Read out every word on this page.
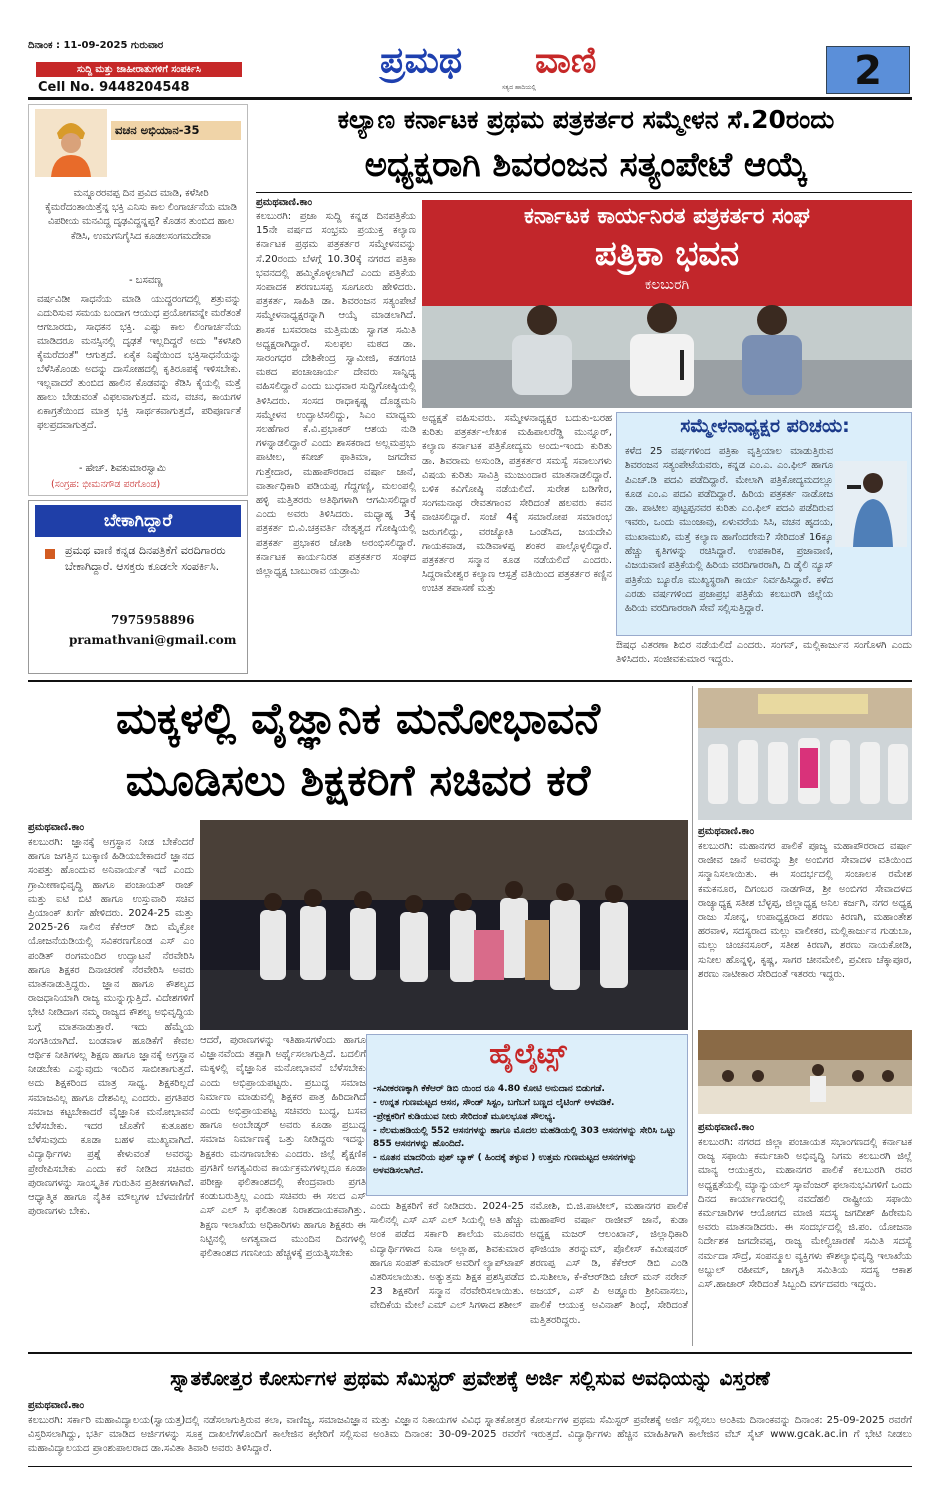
ದಿನಾಂಕ : 11-09-2025 ಗುರುವಾರ
ಸುದ್ದಿ ಮತ್ತು ಜಾಹೀರಾತುಗಳಿಗೆ ಸಂಪರ್ಕಿಸಿ
Cell No. 9448204548
ಪ್ರಮಥ ವಾಣಿ
ಸತ್ಯದ ಹಾದಿಯಲ್ಲಿ	2
ವಚನ ಅಭಿಯಾನ-35
ಮನ್ನೂರರವಪ್ಪ ದಿನ ಪ್ರವಿದ ಮಾಡಿ, ಕಳೆಸೀರಿ ಕೈಮರೆದಂತಾಯಿತ್ತೆನ್ನ ಭಕ್ತಿ ಎನಿಸು ಕಾಲ ಲಿಂಗಾರ್ಚನೆಯ ಮಾಡಿ ವಿಪರೀಯ ಮನವಿದ್ದ ದೃಢವಿದ್ದನ್ನಪ್ಪ? ಕೊಡನ ತುಂಬಿದ ಹಾಲ ಕೆಡಿಸಿ, ಉಮಗನಿಗೈಸಿದ ಕೂಡಲಸಂಗಮದೇವಾ
- ಬಸವಣ್ಣ
ವರ್ಷವಿಡೀ ಸಾಧನೆಯ ಮಾಡಿ ಯುದ್ಧರಂಗದಲ್ಲಿ ಶತ್ರುವನ್ನು ಎದುರಿಸುವ ಸಮಯ ಬಂದಾಗ ಆಯುಧ ಪ್ರಯೋಗವನ್ನೇ ಮರೆತಂತೆ ಆಗಬಾರದು, ಸಾಧಕನ ಭಕ್ತಿ. ಎಷ್ಟು ಕಾಲ ಲಿಂಗಾರ್ಚನೆಯ ಮಾಡಿದರೂ ಮನಸ್ಸಿನಲ್ಲಿ ದೃಢತೆ ಇಲ್ಲದಿದ್ದರೆ ಅದು "ಕಳಸೀರಿ ಕೈಮರೆದಂತೆ" ಆಗುತ್ತದೆ. ಏಕೈಕ ನಿಷ್ಠೆಯಿಂದ ಭಕ್ತಿಸಾಧನೆಯನ್ನು ಬೆಳೆಸಿಕೊಂಡು ಅದನ್ನು ದಾಸೋಹದಲ್ಲಿ ಕೃತಿರೂಪಕ್ಕೆ ಇಳಿಸಬೇಕು. ಇಲ್ಲವಾದರೆ ತುಂಬಿದ ಹಾಲಿನ ಕೊಡವನ್ನು ಕೆಡಿಸಿ ಕೈಯಲ್ಲಿ ಮತ್ತೆ ಹಾಲು ಬೇಡುವಂತೆ ವಿಫಲವಾಗುತ್ತದೆ. ಮನ, ವಚನ, ಕಾಯಗಳ ಏಕಾಗ್ರತೆಯಿಂದ ಮಾತ್ರ ಭಕ್ತಿ ಸಾರ್ಥಕವಾಗುತ್ತದೆ, ಪರಿಪೂರ್ಣತೆ ಫಲಪ್ರದವಾಗುತ್ತದೆ.
- ಹೇಚ್. ಶಿವಕುಮಾರಸ್ವಾಮಿ
(ಸಂಗ್ರಹ: ಭೀಮನಗೌಡ ಪರಗೊಂಡ)
ಬೇಕಾಗಿದ್ದಾರೆ
ಪ್ರಮಥ ವಾಣಿ ಕನ್ನಡ ದಿನಪತ್ರಿಕೆಗೆ ವರದಿಗಾರರು ಬೇಕಾಗಿದ್ದಾರೆ. ಆಸಕ್ತರು ಕೂಡಲೇ ಸಂಪರ್ಕಿಸಿ.
7975958896
pramathvani@gmail.com
ಕಲ್ಯಾಣ ಕರ್ನಾಟಕ ಪ್ರಥಮ ಪತ್ರಕರ್ತರ ಸಮ್ಮೇಳನ ಸೆ.20ರಂದು
ಅಧ್ಯಕ್ಷರಾಗಿ ಶಿವರಂಜನ ಸತ್ಯಂಪೇಟೆ ಆಯ್ಕೆ
ಪ್ರಮಥವಾಣಿ.ಕಾಂ
ಕಲಬುರಗಿ: ಪ್ರಜಾ ಸುದ್ದಿ ಕನ್ನಡ ದಿನಪತ್ರಿಕೆಯ 15ನೇ ವರ್ಷದ ಸಂಭ್ರಮ ಪ್ರಯುಕ್ತ ಕಲ್ಯಾಣ ಕರ್ನಾಟಕ ಪ್ರಥಮ ಪತ್ರಕರ್ತರ ಸಮ್ಮೇಳನವನ್ನು ಸೆ.20ರಂದು ಬೆಳಗ್ಗೆ 10.30ಕ್ಕೆ ನಗರದ ಪತ್ರಿಕಾ ಭವನದಲ್ಲಿ ಹಮ್ಮಿಕೊಳ್ಳಲಾಗಿದೆ ಎಂದು ಪತ್ರಿಕೆಯ ಸಂಪಾದಕ ಶರಣಬಸಪ್ಪ ಸೂಗೂರು ಹೇಳಿದರು. ಪತ್ರಕರ್ತ, ಸಾಹಿತಿ ಡಾ. ಶಿವರಂಜನ ಸತ್ಯಂಪೇಟೆ ಸಮ್ಮೇಳನಾಧ್ಯಕ್ಷರನ್ನಾಗಿ ಆಯ್ಕೆ ಮಾಡಲಾಗಿದೆ. ಶಾಸಕ ಬಸವರಾಜ ಮತ್ತಿಮಡು ಸ್ವಾಗತ ಸಮಿತಿ ಅಧ್ಯಕ್ಷರಾಗಿದ್ದಾರೆ. ಸುಲಫಲ ಮಠದ ಡಾ. ಸಾರಂಗಧರ ದೇಶಿಕೇಂದ್ರ ಸ್ವಾಮೀಜಿ, ಕಡಗಂಚಿ ಮಠದ ಪಂಚಾಚಾರ್ಯ ದೇವರು ಸಾನ್ನಿಧ್ಯ ವಹಿಸಲಿದ್ದಾರೆ ಎಂದು ಬುಧವಾರ ಸುದ್ದಿಗೋಷ್ಠಿಯಲ್ಲಿ ತಿಳಿಸಿದರು. ಸಂಸದ ರಾಧಾಕೃಷ್ಣ ದೊಡ್ಡಮನಿ ಸಮ್ಮೇಳನ ಉದ್ಘಾಟಿಸಲಿದ್ದು, ಸಿಎಂ ಮಾಧ್ಯಮ ಸಲಹೆಗಾರ ಕೆ.ವಿ.ಪ್ರಭಾಕರ್ ಆಶಯ ನುಡಿ ಗಳನ್ನಾಡಲಿದ್ದಾರೆ ಎಂದು ಶಾಸಕರಾದ ಅಲ್ಲಮಪ್ರಭು ಪಾಟೀಲ, ಕನೀಜ್ ಫಾತಿಮಾ, ಜಗದೇವ ಗುತ್ತೇದಾರ, ಮಹಾಪೌರರಾದ ವರ್ಷಾ ಜಾನೆ, ವಾರ್ತಾಧಿಕಾರಿ ಪಡಿಯಪ್ಪ ಗೆದ್ದಗಣ್ಣಿ, ಮಲಂಪಲ್ಲಿ ಹಳ್ಳಿ ಮತ್ತಿತರರು ಅತಿಥಿಗಳಾಗಿ ಆಗಮಿಸಲಿದ್ದಾರೆ ಎಂದು ಅವರು ತಿಳಿಸಿದರು. ಮಧ್ಯಾಹ್ನ 3ಕ್ಕೆ ಪತ್ರಕರ್ತ ಬಿ.ವಿ.ಚಕ್ರವರ್ತಿ ನೇತೃತ್ವದ ಗೋಷ್ಠಿಯಲ್ಲಿ ಪತ್ರಕರ್ತ ಪ್ರಭಾಕರ ಜೋಶಿ ಅರಂಭಿಸಲಿದ್ದಾರೆ. ಕರ್ನಾಟಕ ಕಾರ್ಯನಿರತ ಪತ್ರಕರ್ತರ ಸಂಘದ ಜಿಲ್ಲಾಧ್ಯಕ್ಷ ಬಾಬುರಾವ ಯಡ್ರಾಮಿ
ಕರ್ನಾಟಕ ಕಾರ್ಯನಿರತ ಪತ್ರಕರ್ತರ ಸಂಘ
ಪತ್ರಿಕಾ ಭವನ
ಕಲಬುರಗಿ
ಅಧ್ಯಕ್ಷತೆ ವಹಿಸುವರು. ಸಮ್ಮೇಳನಾಧ್ಯಕ್ಷರ ಬದುಕು-ಬರಹ ಕುರಿತು ಪತ್ರಕರ್ತ-ಲೇಖಕ ಮಹಿಪಾಲರೆಡ್ಡಿ ಮುನ್ನೂರ್, ಕಲ್ಯಾಣ ಕರ್ನಾಟಕ ಪತ್ರಿಕೋದ್ಯಮ ಅಂದು-ಇಂದು ಕುರಿತು ಡಾ. ಶಿವರಾಮ ಅಸುಂಡಿ, ಪತ್ರಕರ್ತರ ಸಮಸ್ಯೆ ಸವಾಲುಗಳು ವಿಷಯ ಕುರಿತು ಸಾವಿತ್ರಿ ಮುಜುಂದಾರ ಮಾತನಾಡಲಿದ್ದಾರೆ. ಬಳಿಕ ಕವಿಗೋಷ್ಠಿ ನಡೆಯಲಿದೆ. ಸುರೇಶ ಬಡಿಗೇರ, ಸಂಗಮನಾಥ ರೇವತಗಾಂವ ಸೇರಿದಂತೆ ಹಲವರು ಕವನ ವಾಚಿಸಲಿದ್ದಾರೆ. ಸಂಜೆ 4ಕ್ಕೆ ಸಮಾರೋಪ ಸಮಾರಂಭ ಜರುಗಲಿದ್ದು, ವರಜ್ಯೋತಿ ಒಂಡೆಸಿದ, ಜಯದೇವಿ ಗಾಯಕವಾಡ, ಮಡಿವಾಳಪ್ಪ ಶಂಕರ ಪಾಲ್ಗೊಳ್ಳಲಿದ್ದಾರೆ. ಪತ್ರಕರ್ತರ ಸನ್ಮಾನ ಕೂಡ ನಡೆಯಲಿದೆ ಎಂದರು. ಸಿದ್ದರಾಮೇಶ್ವರ ಕಲ್ಯಾಣ ಆಸ್ಪತ್ರೆ ವತಿಯಿಂದ ಪತ್ರಕರ್ತರ ಕಣ್ಣಿನ ಉಚಿತ ತಪಾಸಣೆ ಮತ್ತು
ಸಮ್ಮೇಳನಾಧ್ಯಕ್ಷರ ಪರಿಚಯ:
ಕಳೆದ 25 ವರ್ಷಗಳಿಂದ ಪತ್ರಿಕಾ ವೃತ್ತಿಯಾಲ ಮಾಡುತ್ತಿರುವ ಶಿವರಂಜನ ಸತ್ಯಂಪೇಟೆಯವರು, ಕನ್ನಡ ಎಂ.ಎ. ಎಂ.ಫಿಲ್ ಹಾಗೂ ಪಿಎಚ್.ಡಿ ಪದವಿ ಪಡೆದಿದ್ದಾರೆ. ಮೇಲಾಗಿ ಪತ್ರಿಕೋದ್ಯಮದಲ್ಲೂ ಕೂಡ ಎಂ.ಎ ಪದವಿ ಪಡೆದಿದ್ದಾರೆ. ಹಿರಿಯ ಪತ್ರಕರ್ತ ನಾಡೋಜ ಡಾ. ಪಾಟೀಲ ಪುಟ್ಟಪ್ಪನವರ ಕುರಿತು ಎಂ.ಫಿಲ್ ಪದವಿ ಪಡೆದಿರುವ ಇವರು, ಒಂದು ಮುಂಜಾವು, ಏಳುವರೆಯ ಸಿಸಿ, ವಚನ ಹೃದಯ, ಮುಖಾಮುಖಿ, ಮತ್ತೆ ಕಲ್ಯಾಣ ಹಾಗೆಂದರೇನು? ಸೇರಿದಂತೆ 16ಕ್ಕೂ ಹೆಚ್ಚು ಕೃತಿಗಳನ್ನು ರಚಿಸಿದ್ದಾರೆ. ಉಪಕಾರಿಕ, ಪ್ರಜಾವಾಣಿ, ವಿಜಯವಾಣಿ ಪತ್ರಿಕೆಯಲ್ಲಿ ಹಿರಿಯ ವರದಿಗಾರರಾಗಿ, ದಿ ಡೈಲಿ ನ್ಯೂಸ್ ಪತ್ರಿಕೆಯ ಬ್ಯೂರೊ ಮುಖ್ಯಸ್ಥರಾಗಿ ಕಾರ್ಯ ನಿರ್ವಹಿಸಿದ್ದಾರೆ. ಕಳೆದ ಎರಡು ವರ್ಷಗಳಿಂದ ಪ್ರಜಾಪ್ರಭ ಪತ್ರಿಕೆಯ ಕಲಬುರಗಿ ಜಿಲ್ಲೆಯ ಹಿರಿಯ ವರದಿಗಾರರಾಗಿ ಸೇವೆ ಸಲ್ಲಿಸುತ್ತಿದ್ದಾರೆ.
ಔಷಧ ವಿತರಣಾ ಶಿಬಿರ ನಡೆಯಲಿದೆ ಎಂದರು. ಸಂಗನ್, ಮಲ್ಲಿಕಾರ್ಜುನ ಸಂಗೊಳಗಿ ಎಂದು ತಿಳಿಸಿದರು. ಸಂಜೀವಕುಮಾರ ಇದ್ದರು.
ಮಕ್ಕಳಲ್ಲಿ ವೈಜ್ಞಾನಿಕ ಮನೋಭಾವನೆ
ಮೂಡಿಸಲು ಶಿಕ್ಷಕರಿಗೆ ಸಚಿವರ ಕರೆ
ಪ್ರಮಥವಾಣಿ.ಕಾಂ
ಕಲಬುರಗಿ: ಜ್ಞಾನಕ್ಕೆ ಅಗ್ರಸ್ಥಾನ ನೀಡ ಬೇಕೆಂದರೆ ಹಾಗೂ ಜಗತ್ತಿನ ಬುಕ್ಕಾಣಿ ಹಿಡಿಯಬೇಕಾದರೆ ಜ್ಞಾನದ ಸಂಪತ್ತು ಹೊಂದುವ ಅನಿವಾರ್ಯತೆ ಇದೆ ಎಂದು ಗ್ರಾಮೀಣಾಭಿವೃದ್ಧಿ ಹಾಗೂ ಪಂಚಾಯತ್ ರಾಜ್ ಮತ್ತು ಐಟಿ ಬಿಟಿ ಹಾಗೂ ಉಸ್ತುವಾರಿ ಸಚಿವ ಪ್ರಿಯಾಂಕ್ ಖರ್ಗೆ ಹೇಳಿದರು. 2024-25 ಮತ್ತು 2025-26 ಸಾಲಿನ ಕೆಕೆಆರ್ ಡಿಬಿ ಮೈಕ್ರೋ ಯೋಜನೆಯಡಿಯಲ್ಲಿ ಸವಿಕರಣಗೊಂಡ ಎಸ್ ಎಂ ಪಂಡಿತ್ ರಂಗಮಂದಿರ ಉದ್ಘಾಟನೆ ನೆರವೇರಿಸಿ ಹಾಗೂ ಶಿಕ್ಷಕರ ದಿನಾಚರಣೆ ನೆರವೇರಿಸಿ ಅವರು ಮಾತನಾಡುತ್ತಿದ್ದರು. ಜ್ಞಾನ ಹಾಗೂ ಕೌಶಲ್ಯದ ರಾಜಧಾನಿಯಾಗಿ ರಾಜ್ಯ ಮುನ್ನುಗ್ಗುತ್ತಿದೆ. ವಿದೇಶಗಳಿಗೆ ಭೇಟಿ ನೀಡಿದಾಗ ನಮ್ಮ ರಾಜ್ಯದ ಕೌಶಲ್ಯ ಅಭಿವೃದ್ಧಿಯ ಬಗ್ಗೆ ಮಾತನಾಡುತ್ತಾರೆ. ಇದು ಹೆಮ್ಮೆಯ ಸಂಗತಿಯಾಗಿದೆ. ಬಂಡವಾಳ ಹೂಡಿಕೆಗೆ ಕೇವಲ ಆರ್ಥಿಕ ನೀತಿಗಳಲ್ಲ ಶಿಕ್ಷಣ ಹಾಗೂ ಜ್ಞಾನಕ್ಕೆ ಅಗ್ರಸ್ಥಾನ ನೀಡಬೇಕು ಎನ್ನುವುದು ಇಂದಿನ ಸಾಬೀತಾಗುತ್ತದೆ. ಅದು ಶಿಕ್ಷಕರಿಂದ ಮಾತ್ರ ಸಾಧ್ಯ. ಶಿಕ್ಷಕರಿಲ್ಲದೆ ಸಮಾಜವಿಲ್ಲ ಹಾಗೂ ದೇಶವಿಲ್ಲ ಎಂದರು. ಪ್ರಗತಿಪರ ಸಮಾಜ ಕಟ್ಟಬೇಕಾದರೆ ವೈಜ್ಞಾನಿಕ ಮನೋಭಾವನೆ ಬೆಳೆಸಬೇಕು. ಇದರ ಜೊತೆಗೆ ಕುತೂಹಲ ಬೆಳೆಸುವುದು ಕೂಡಾ ಬಹಳ ಮುಖ್ಯವಾಗಿದೆ. ವಿದ್ಯಾರ್ಥಿಗಳು ಪ್ರಶ್ನೆ ಕೇಳುವಂತೆ ಅವರನ್ನು ಪ್ರೇರೇಪಿಸಬೇಕು ಎಂದು ಕರೆ ನೀಡಿದ ಸಚಿವರು ಪುರಾಣಗಳನ್ನು ಸಾಂಸ್ಕೃತಿಕ ಗುರುತಿನ ಪ್ರತೀಕಗಳಾಗಿವೆ. ಆಧ್ಯಾತ್ಮಿಕ ಹಾಗೂ ನೈತಿಕ ಮೌಲ್ಯಗಳ ಬೆಳವಣಿಗೆಗೆ ಪುರಾಣಗಳು ಬೇಕು.
ಆದರೆ, ಪುರಾಣಗಳನ್ನು ಇತಿಹಾಸಗಳೆಂದು ಹಾಗೂ ವಿಜ್ಞಾನವೆಂದು ತಪ್ಪಾಗಿ ಅರ್ಥೈಸಲಾಗುತ್ತಿದೆ. ಬದಲಿಗೆ ಮಕ್ಕಳಲ್ಲಿ ವೈಜ್ಞಾನಿಕ ಮನೋಭಾವನೆ ಬೆಳೆಸಬೇಕು ಎಂದು ಅಭಿಪ್ರಾಯಪಟ್ಟರು. ಪ್ರಬುದ್ಧ ಸಮಾಜ ನಿರ್ಮಾಣ ಮಾಡುವಲ್ಲಿ ಶಿಕ್ಷಕರ ಪಾತ್ರ ಹಿರಿದಾಗಿದೆ ಎಂದು ಅಭಿಪ್ರಾಯಪಟ್ಟ ಸಚಿವರು ಬುದ್ಧ, ಬಸವ ಹಾಗೂ ಅಂಬೇಡ್ಕರ್ ಅವರು ಕೂಡಾ ಪ್ರಬುದ್ಧ ಸಮಾಜ ನಿರ್ಮಾಣಕ್ಕೆ ಒತ್ತು ನೀಡಿದ್ದರು ಇದನ್ನು ಶಿಕ್ಷಕರು ಮನಗಾಣಬೇಕು ಎಂದರು. ಜಿಲ್ಲೆ ಶೈಕ್ಷಣಿಕ ಪ್ರಗತಿಗೆ ಅಗತ್ಯವಿರುವ ಕಾರ್ಯಕ್ರಮಗಳಲ್ಲದೂ ಕೂಡಾ ಪರೀಕ್ಷಾ ಫಲಿತಾಂಶದಲ್ಲಿ ಕೇಂದ್ರವಾರು ಪ್ರಗತಿ ಕಂಡುಬರುತ್ತಿಲ್ಲ ಎಂದು ಸಚಿವರು ಈ ಸಲದ ಎಸ್ ಎಸ್ ಎಲ್ ಸಿ ಫಲಿತಾಂಶ ನಿರಾಶದಾಯಕವಾಗಿತ್ತು. ಶಿಕ್ಷಣ ಇಲಾಖೆಯ ಅಧಿಕಾರಿಗಳು ಹಾಗೂ ಶಿಕ್ಷಕರು ಈ ನಿಟ್ಟಿನಲ್ಲಿ ಅಗತ್ಯವಾದ ಮುಂದಿನ ದಿನಗಳಲ್ಲಿ ಫಲಿತಾಂಶದ ಗಣನೀಯ ಹೆಚ್ಚಳಕ್ಕೆ ಪ್ರಯತ್ನಿಸಬೇಕು
ಹೈಲೈಟ್ಸ್
-ಸವೀಕರಣಕ್ಕಾಗಿ ಕೆಕೆಆರ್ ಡಿಬಿ ಯಿಂದ ರೂ 4.80 ಕೋಟಿ ಅನುದಾನ ಬಿಡುಗಡೆ.
- ಉನ್ನತ ಗುಣಮಟ್ಟದ ಆಸನ, ಸೌಂಡ್ ಸಿಸ್ಟಂ, ಬಗೆಬಗೆ ಬಣ್ಣದ ಲೈಟಿಂಗ್ ಅಳವಡಿಕೆ.
-ಪ್ರೇಕ್ಷಕರಿಗೆ ಕುಡಿಯುವ ನೀರು ಸೇರಿದಂತೆ ಮೂಲಭೂತ ಸೌಲಭ್ಯ.
- ನೆಲಮಹಡಿಯಲ್ಲಿ 552 ಆಸನಗಳನ್ನು ಹಾಗೂ ಮೊದಲ ಮಹಡಿಯಲ್ಲಿ 303 ಆಸನಗಳನ್ನು ಸೇರಿಸಿ ಒಟ್ಟು 855 ಆಸನಗಳನ್ನು ಹೊಂದಿದೆ.
- ನೂತನ ಮಾದರಿಯ ಪುಶ್ ಬ್ಯಾಕ್ ( ಹಿಂದಕ್ಕೆ ತಳ್ಳುವ ) ಉತ್ತಮ ಗುಣಮಟ್ಟದ ಆಸನಗಳನ್ನು ಅಳವಡಿಸಲಾಗಿದೆ.
ಎಂದು ಶಿಕ್ಷಕರಿಗೆ ಕರೆ ನೀಡಿದರು. 2024-25 ಸಾಲಿನಲ್ಲಿ ಎಸ್ ಎಸ್ ಎಲ್ ಸಿಯಲ್ಲಿ ಅತಿ ಹೆಚ್ಚು ಅಂಕ ಪಡೆದ ಸರ್ಕಾರಿ ಶಾಲೆಯ ಮೂವರು ವಿದ್ಯಾರ್ಥಿಗಳಾದ ನಿಸಾ ಅಲ್ಲಾಹ, ಶಿವಕುಮಾರ ಹಾಗೂ ಸಂಪತ್ ಕುಮಾರ್ ಅವರಿಗೆ ಲ್ಯಾಪ್‌ಟಾಪ್ ವಿತರಿಸಲಾಯಿತು. ಅತ್ಯುತ್ತಮ ಶಿಕ್ಷಕ ಪ್ರಶಸ್ತಿಪಡೆದ 23 ಶಿಕ್ಷಕರಿಗೆ ಸನ್ಮಾನ ನೆರವೇರಿಸಲಾಯಿತು. ವೇದಿಕೆಯ ಮೇಲೆ ಎಮ್ ಎಲ್ ಸಿಗಳಾದ ಶಶೀಲ್
ನಮೋಶಿ, ಬಿ.ಜಿ.ಪಾಟೀಲ್, ಮಹಾನಗರ ಪಾಲಿಕೆ ಮಹಾಪೌರ ವರ್ಷಾ ರಾಜೀವ್ ಜಾನೆ, ಕುಡಾ ಅಧ್ಯಕ್ಷ ಮಜರ್ ಆಲಂಖಾನ್, ಜಿಲ್ಲಾಧಿಕಾರಿ ಫೌಜಿಯಾ ತರನ್ನುಮ್, ಪೊಲೀಸ್ ಕಮೀಷನರ್ ಶರಣಪ್ಪ ಎಸ್ ಡಿ, ಕೆಕೆಆರ್ ಡಿಬಿ ಎಂಡಿ ಬಿ.ಸುಶೀಲಾ, ಕೆ-ಕೆಆರ್‌ಡಿಬಿ ಚೇರ್ ಮನ್ ನರೇನ್ ಅಜಯ್, ಎಸ್ ಪಿ ಅಡ್ಡೂರು ಶ್ರೀನಿವಾಸಲು, ಪಾಲಿಕೆ ಆಯುಕ್ತ ಅವಿನಾಶ್ ಶಿಂಧೆ, ಸೇರಿದಂತೆ ಮತ್ತಿತರರಿದ್ದರು.
ಪ್ರಮಥವಾಣಿ.ಕಾಂ
ಕಲಬುರಗಿ: ಮಹಾನಗರ ಪಾಲಿಕೆ ಪೂಜ್ಯ ಮಹಾಪೌರರಾದ ವರ್ಷಾ ರಾಜೀವ ಜಾನೆ ಅವರನ್ನು ಶ್ರೀ ಅಂಬಿಗರ ಸೇವಾದಳ ವತಿಯಿಂದ ಸನ್ಮಾನಿಸಲಾಯಿತು. ಈ ಸಂದರ್ಭದಲ್ಲಿ ಸಂಚಾಲಕ ರಮೇಶ ಕಮಕನೂರ, ದಿಗಂಬರ ನಾಡಗೌಡ, ಶ್ರೀ ಅಂಬಿಗರ ಸೇವಾದಳದ ರಾಜ್ಯಾಧ್ಯಕ್ಷ ಸತೀಶ ಬೆಳ್ಳಪ್ಪ, ಜಿಲ್ಲಾಧ್ಯಕ್ಷ ಅನಿಲ ಕರ್ಜಗಿ, ನಗರ ಅಧ್ಯಕ್ಷ ರಾಜು ಸೋನ್ನ, ಉಪಾಧ್ಯಕ್ಷರಾದ ಶರಣು ಕಿರಣಗಿ, ಮಹಾಂತೇಶ ಹರವಾಳ, ಸದಸ್ಯರಾದ ಮಲ್ಲು ವಾಲೀಕರ, ಮಲ್ಲಿಕಾರ್ಜುನ ಗುಡುಬಾ, ಮಲ್ಲು ಚಿಂಚನಸೂರ್, ಸತೀಶ ಕಿರಣಗಿ, ಶರಣು ನಾಯಕೋಡಿ, ಸುನೀಲ ಹೊನ್ನಳ್ಳಿ, ಕೃಷ್ಣ, ಸಾಗರ ಚೀನಮೇಲಿ, ಪ್ರವೀಣ ಚೆಕ್ಕಾಪೂರ, ಶರಣು ನಾಟೀಕಾರ ಸೇರಿದಂತೆ ಇತರರು ಇದ್ದರು.
ಪ್ರಮಥವಾಣಿ.ಕಾಂ
ಕಲಬುರಗಿ: ನಗರದ ಜಿಲ್ಲಾ ಪಂಚಾಯತ ಸಭಾಂಗಣದಲ್ಲಿ ಕರ್ನಾಟಕ ರಾಜ್ಯ ಸಫಾಯಿ ಕರ್ಮಚಾರಿ ಅಭಿವೃದ್ಧಿ ನಿಗಮ ಕಲಬುರಗಿ ಜಿಲ್ಲೆ ಮಾನ್ಯ ಆಯುಕ್ತರು, ಮಹಾನಗರ ಪಾಲಿಕೆ ಕಲಬುರಗಿ ರವರ ಅಧ್ಯಕ್ಷತೆಯಲ್ಲಿ ಮ್ಯಾನ್ಯುಯಲ್ ಸ್ಕಾವೆಂಜರ್ ಫಲಾನುಭವಿಗಳಿಗೆ ಒಂದು ದಿನದ ಕಾರ್ಯಾಗಾರದಲ್ಲಿ ನವದೆಹಲಿ ರಾಷ್ಟ್ರೀಯ ಸಫಾಯಿ ಕರ್ಮಚಾರಿಗಳ ಆಯೋಗದ ಮಾಜಿ ಸದಸ್ಯ ಜಗದೀಶ್ ಹಿರೇಮನಿ ಅವರು ಮಾತನಾಡಿದರು. ಈ ಸಂದರ್ಭದಲ್ಲಿ ಜಿ.ಪಂ. ಯೋಜನಾ ನಿರ್ದೇಶಕ ಜಗದೇವಪ್ಪ, ರಾಜ್ಯ ಮೇಲ್ವಿಚಾರಣೆ ಸಮಿತಿ ಸದಸ್ಯೆ ನರ್ಮದಾ ಸೌದ್ರೆ, ಸಂಪನ್ಮೂಲ ವ್ಯಕ್ತಿಗಳು ಕೌಶಲ್ಯಾಭಿವೃದ್ಧಿ ಇಲಾಖೆಯ ಅಬ್ದುಲ್ ರಹೀಮ್, ಜಾಗೃತಿ ಸಮಿತಿಯ ಸದಸ್ಯ ಆಕಾಶ ಎಸ್.ಹಾಜಾರ್ ಸೇರಿದಂತೆ ಸಿಬ್ಬಂದಿ ವರ್ಗದವರು ಇದ್ದರು.
ಸ್ನಾತಕೋತ್ತರ ಕೋರ್ಸುಗಳ ಪ್ರಥಮ ಸೆಮಿಸ್ಟರ್ ಪ್ರವೇಶಕ್ಕೆ ಅರ್ಜಿ ಸಲ್ಲಿಸುವ ಅವಧಿಯನ್ನು ವಿಸ್ತರಣೆ
ಪ್ರಮಥವಾಣಿ.ಕಾಂ
ಕಲಬುರಗಿ: ಸರ್ಕಾರಿ ಮಹಾವಿದ್ಯಾಲಯ(ಸ್ವಾಯತ್ತ)ದಲ್ಲಿ ನಡೆಸಲಾಗುತ್ತಿರುವ ಕಲಾ, ವಾಣಿಜ್ಯ, ಸಮಾಜವಿಜ್ಞಾನ ಮತ್ತು ವಿಜ್ಞಾನ ನಿಕಾಯಗಳ ವಿವಿಧ ಸ್ನಾತಕೋತ್ತರ ಕೋರ್ಸುಗಳ ಪ್ರಥಮ ಸೆಮಿಸ್ಟರ್ ಪ್ರವೇಶಕ್ಕೆ ಅರ್ಜಿ ಸಲ್ಲಿಸಲು ಅಂತಿಮ ದಿನಾಂಕವನ್ನು ದಿನಾಂಕ: 25-09-2025 ರವರೆಗೆ ವಿಸ್ತರಿಸಲಾಗಿದ್ದು, ಭರ್ತಿ ಮಾಡಿದ ಅರ್ಜಿಗಳನ್ನು ಸೂಕ್ತ ದಾಖಲೆಗಳೊಂದಿಗೆ ಕಾಲೇಜಿನ ಕಛೇರಿಗೆ ಸಲ್ಲಿಸುವ ಅಂತಿಮ ದಿನಾಂಕ: 30-09-2025 ರವರೆಗೆ ಇರುತ್ತದೆ. ವಿದ್ಯಾರ್ಥಿಗಳು ಹೆಚ್ಚಿನ ಮಾಹಿತಿಗಾಗಿ ಕಾಲೇಜಿನ ವೆಬ್ ಸೈಟ್ www.gcak.ac.in ಗೆ ಭೇಟಿ ನೀಡಲು ಮಹಾವಿದ್ಯಾಲಯದ ಪ್ರಾಂಶುಪಾಲರಾದ ಡಾ.ಸವಿತಾ ತಿವಾರಿ ಅವರು ತಿಳಿಸಿದ್ದಾರೆ.
